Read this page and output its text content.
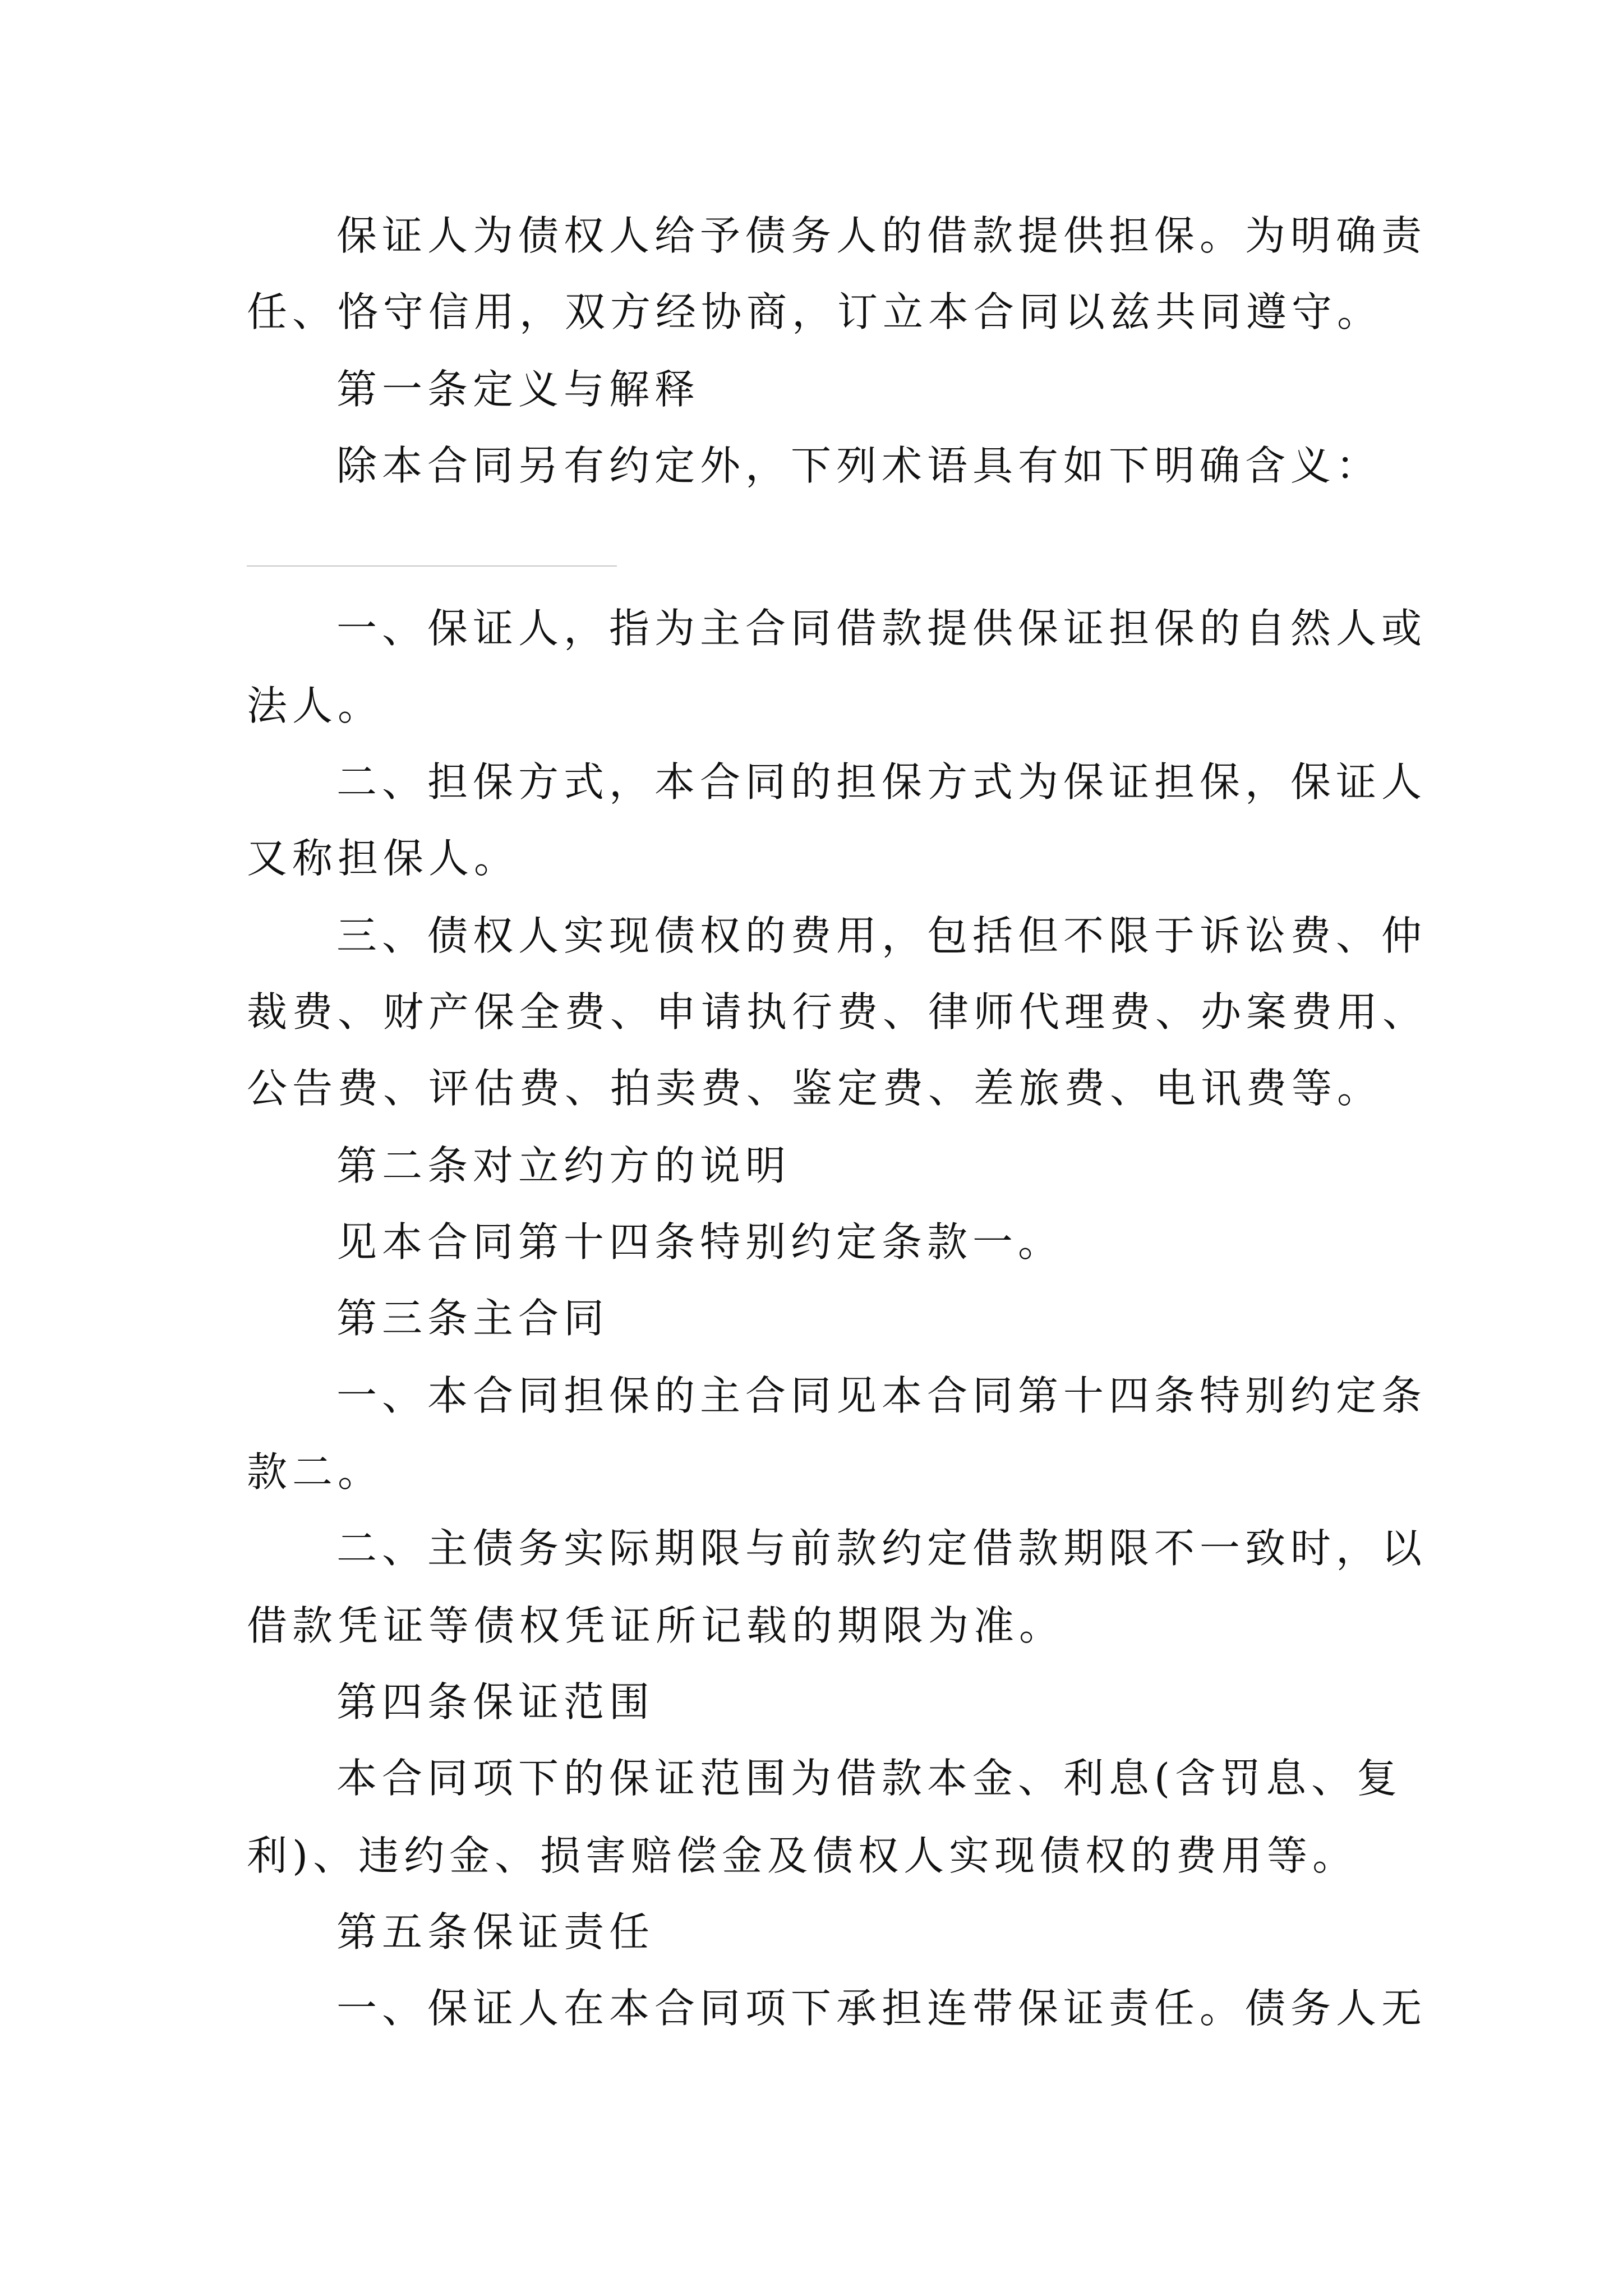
保证人为债权人给予债务人的借款提供担保。为明确责
任、恪守信用，双方经协商，订立本合同以兹共同遵守。
第一条定义与解释
除本合同另有约定外，下列术语具有如下明确含义：
一、保证人，指为主合同借款提供保证担保的自然人或
法人。
二、担保方式，本合同的担保方式为保证担保，保证人
又称担保人。
三、债权人实现债权的费用，包括但不限于诉讼费、仲
裁费、财产保全费、申请执行费、律师代理费、办案费用、
公告费、评估费、拍卖费、鉴定费、差旅费、电讯费等。
第二条对立约方的说明
见本合同第十四条特别约定条款一。
第三条主合同
一、本合同担保的主合同见本合同第十四条特别约定条
款二。
二、主债务实际期限与前款约定借款期限不一致时，以
借款凭证等债权凭证所记载的期限为准。
第四条保证范围
本合同项下的保证范围为借款本金、利息(含罚息、复
利)、违约金、损害赔偿金及债权人实现债权的费用等。
第五条保证责任
一、保证人在本合同项下承担连带保证责任。债务人无
